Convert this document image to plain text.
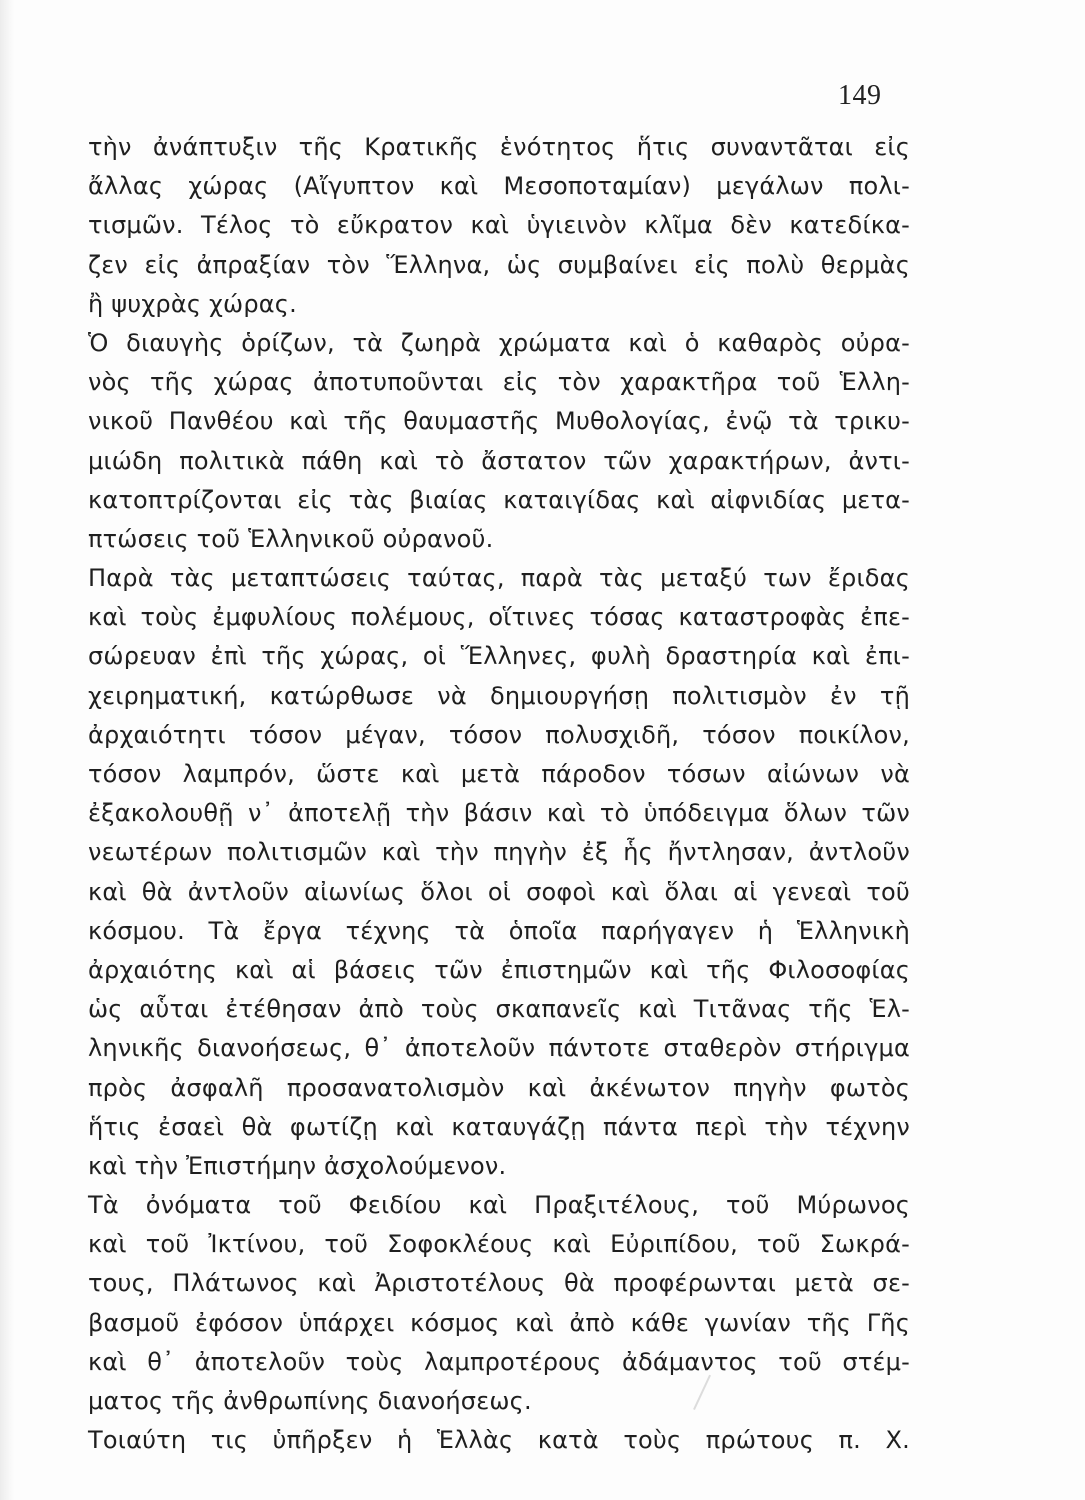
149
τὴν ἀνάπτυξιν τῆς Κρατικῆς ἑνότητος ἥτις συναντᾶται εἰς
ἄλλας χώρας (Αἴγυπτον καὶ Μεσοποταμίαν) μεγάλων πολι-
τισμῶν. Τέλος τὸ εὔκρατον καὶ ὑγιεινὸν κλῖμα δὲν κατεδίκα-
ζεν εἰς ἀπραξίαν τὸν Ἕλληνα, ὡς συμβαίνει εἰς πολὺ θερμὰς
ἢ ψυχρὰς χώρας.
Ὁ διαυγὴς ὁρίζων, τὰ ζωηρὰ χρώματα καὶ ὁ καθαρὸς οὐρα-
νὸς τῆς χώρας ἀποτυποῦνται εἰς τὸν χαρακτῆρα τοῦ Ἑλλη-
νικοῦ Πανθέου καὶ τῆς θαυμαστῆς Μυθολογίας, ἐνῷ τὰ τρικυ-
μιώδη πολιτικὰ πάθη καὶ τὸ ἄστατον τῶν χαρακτήρων, ἀντι-
κατοπτρίζονται εἰς τὰς βιαίας καταιγίδας καὶ αἰφνιδίας μετα-
πτώσεις τοῦ Ἑλληνικοῦ οὐρανοῦ.
Παρὰ τὰς μεταπτώσεις ταύτας, παρὰ τὰς μεταξύ των ἔριδας
καὶ τοὺς ἐμφυλίους πολέμους, οἵτινες τόσας καταστροφὰς ἐπε-
σώρευαν ἐπὶ τῆς χώρας, οἱ Ἕλληνες, φυλὴ δραστηρία καὶ ἐπι-
χειρηματική, κατώρθωσε νὰ δημιουργήσῃ πολιτισμὸν ἐν τῇ
ἀρχαιότητι τόσον μέγαν, τόσον πολυσχιδῆ, τόσον ποικίλον,
τόσον λαμπρόν, ὥστε καὶ μετὰ πάροδον τόσων αἰώνων νὰ
ἐξακολουθῇ ν᾿ ἀποτελῇ τὴν βάσιν καὶ τὸ ὑπόδειγμα ὅλων τῶν
νεωτέρων πολιτισμῶν καὶ τὴν πηγὴν ἐξ ἧς ἤντλησαν, ἀντλοῦν
καὶ θὰ ἀντλοῦν αἰωνίως ὅλοι οἱ σοφοὶ καὶ ὅλαι αἱ γενεαὶ τοῦ
κόσμου. Τὰ ἔργα τέχνης τὰ ὁποῖα παρήγαγεν ἡ Ἑλληνικὴ
ἀρχαιότης καὶ αἱ βάσεις τῶν ἐπιστημῶν καὶ τῆς Φιλοσοφίας
ὡς αὗται ἐτέθησαν ἀπὸ τοὺς σκαπανεῖς καὶ Τιτᾶνας τῆς Ἑλ-
ληνικῆς διανοήσεως, θ᾿ ἀποτελοῦν πάντοτε σταθερὸν στήριγμα
πρὸς ἀσφαλῆ προσανατολισμὸν καὶ ἀκένωτον πηγὴν φωτὸς
ἥτις ἐσαεὶ θὰ φωτίζῃ καὶ καταυγάζῃ πάντα περὶ τὴν τέχνην
καὶ τὴν Ἐπιστήμην ἀσχολούμενον.
Τὰ ὀνόματα τοῦ Φειδίου καὶ Πραξιτέλους, τοῦ Μύρωνος
καὶ τοῦ Ἰκτίνου, τοῦ Σοφοκλέους καὶ Εὐριπίδου, τοῦ Σωκρά-
τους, Πλάτωνος καὶ Ἀριστοτέλους θὰ προφέρωνται μετὰ σε-
βασμοῦ ἐφόσον ὑπάρχει κόσμος καὶ ἀπὸ κάθε γωνίαν τῆς Γῆς
καὶ θ᾿ ἀποτελοῦν τοὺς λαμπροτέρους ἀδάμαντος τοῦ στέμ-
ματος τῆς ἀνθρωπίνης διανοήσεως.
Τοιαύτη τις ὑπῆρξεν ἡ Ἑλλὰς κατὰ τοὺς πρώτους π. Χ.
